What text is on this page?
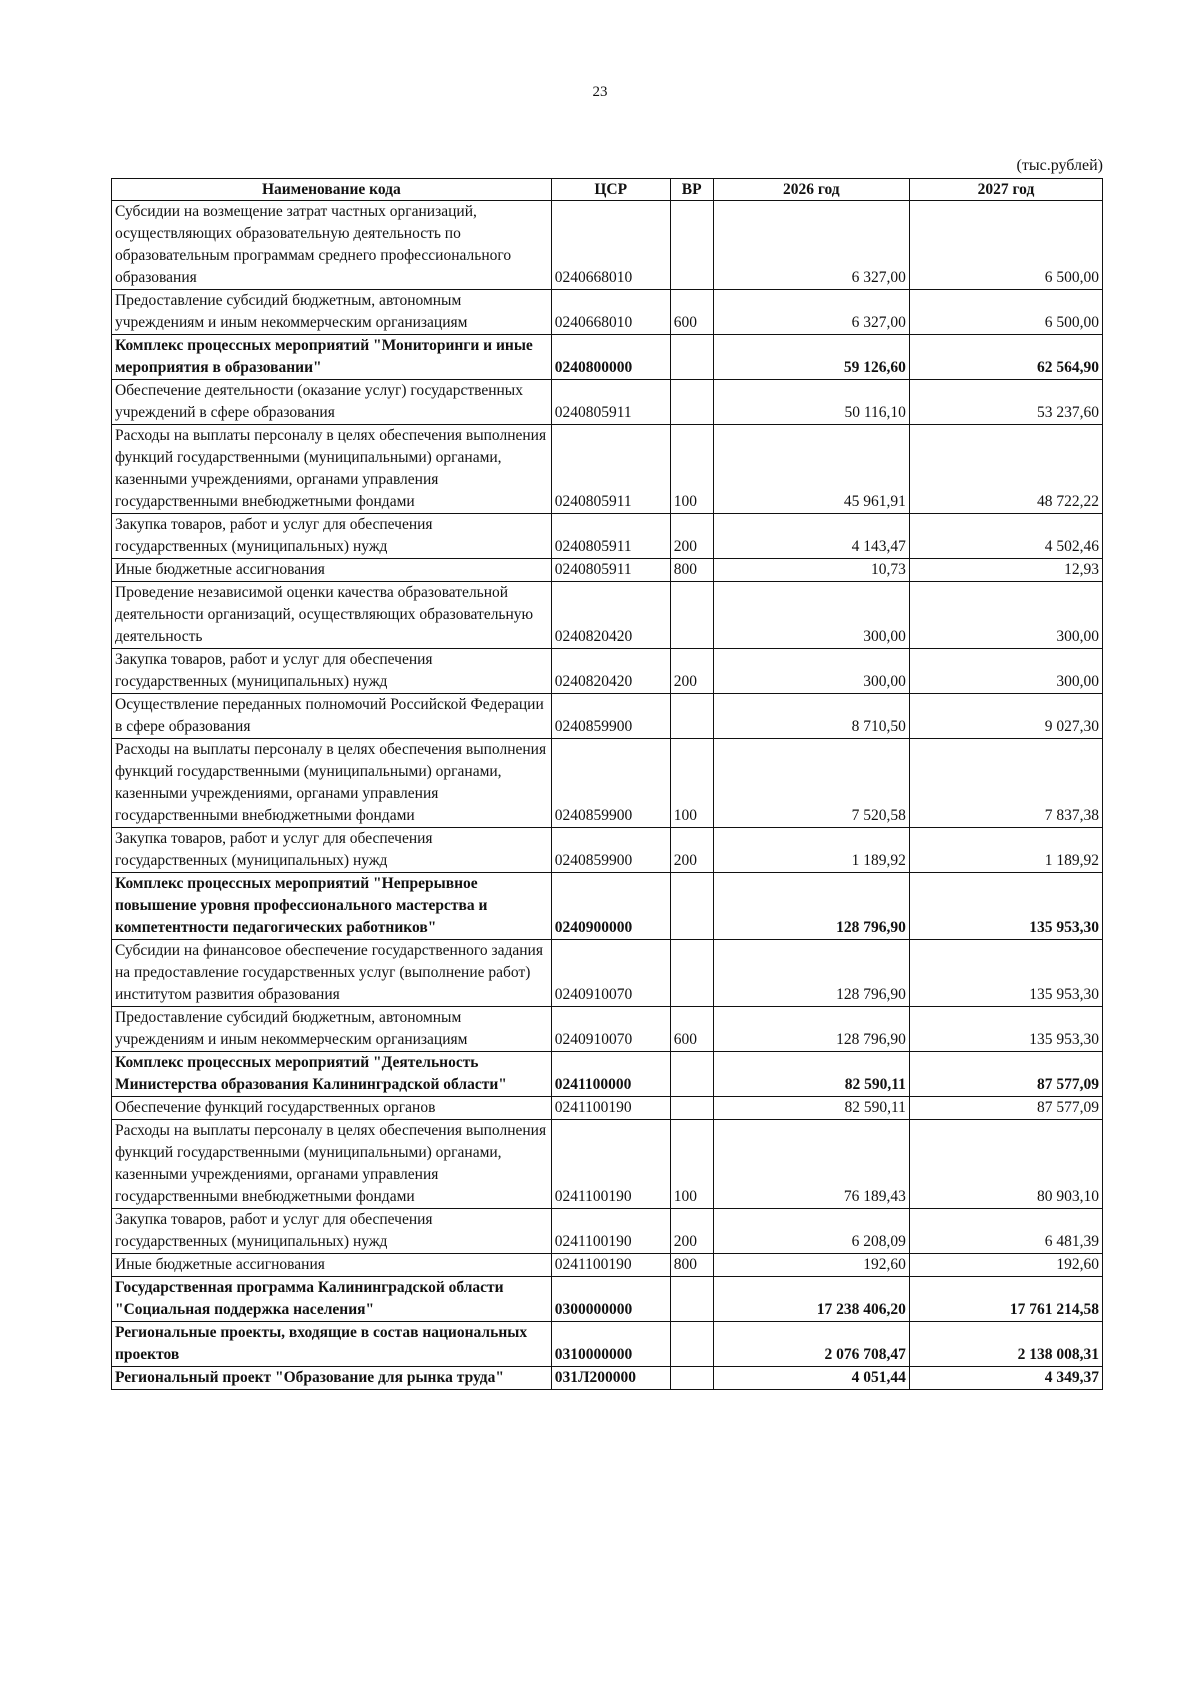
23
(тыс.рублей)
Наименование кода	ЦСР	ВР	2026 год	2027 год
Субсидии на возмещение затрат частных организаций, осуществляющих образовательную деятельность по образовательным программам среднего профессионального образования	0240668010		6 327,00	6 500,00
Предоставление субсидий бюджетным, автономным учреждениям и иным некоммерческим организациям	0240668010	600	6 327,00	6 500,00
Комплекс процессных мероприятий "Мониторинги и иные мероприятия в образовании"	0240800000		59 126,60	62 564,90
Обеспечение деятельности (оказание услуг) государственных учреждений в сфере образования	0240805911		50 116,10	53 237,60
Расходы на выплаты персоналу в целях обеспечения выполнения функций государственными (муниципальными) органами, казенными учреждениями, органами управления государственными внебюджетными фондами	0240805911	100	45 961,91	48 722,22
Закупка товаров, работ и услуг для обеспечения государственных (муниципальных) нужд	0240805911	200	4 143,47	4 502,46
Иные бюджетные ассигнования	0240805911	800	10,73	12,93
Проведение независимой оценки качества образовательной деятельности организаций, осуществляющих образовательную деятельность	0240820420		300,00	300,00
Закупка товаров, работ и услуг для обеспечения государственных (муниципальных) нужд	0240820420	200	300,00	300,00
Осуществление переданных полномочий Российской Федерации в сфере образования	0240859900		8 710,50	9 027,30
Расходы на выплаты персоналу в целях обеспечения выполнения функций государственными (муниципальными) органами, казенными учреждениями, органами управления государственными внебюджетными фондами	0240859900	100	7 520,58	7 837,38
Закупка товаров, работ и услуг для обеспечения государственных (муниципальных) нужд	0240859900	200	1 189,92	1 189,92
Комплекс процессных мероприятий "Непрерывное повышение уровня профессионального мастерства и компетентности педагогических работников"	0240900000		128 796,90	135 953,30
Субсидии на финансовое обеспечение государственного задания на предоставление государственных услуг (выполнение работ) институтом развития образования	0240910070		128 796,90	135 953,30
Предоставление субсидий бюджетным, автономным учреждениям и иным некоммерческим организациям	0240910070	600	128 796,90	135 953,30
Комплекс процессных мероприятий "Деятельность Министерства образования Калининградской области"	0241100000		82 590,11	87 577,09
Обеспечение функций государственных органов	0241100190		82 590,11	87 577,09
Расходы на выплаты персоналу в целях обеспечения выполнения функций государственными (муниципальными) органами, казенными учреждениями, органами управления государственными внебюджетными фондами	0241100190	100	76 189,43	80 903,10
Закупка товаров, работ и услуг для обеспечения государственных (муниципальных) нужд	0241100190	200	6 208,09	6 481,39
Иные бюджетные ассигнования	0241100190	800	192,60	192,60
Государственная программа Калининградской области "Социальная поддержка населения"	0300000000		17 238 406,20	17 761 214,58
Региональные проекты, входящие в состав национальных проектов	0310000000		2 076 708,47	2 138 008,31
Региональный проект "Образование для рынка труда"	031Л200000		4 051,44	4 349,37
